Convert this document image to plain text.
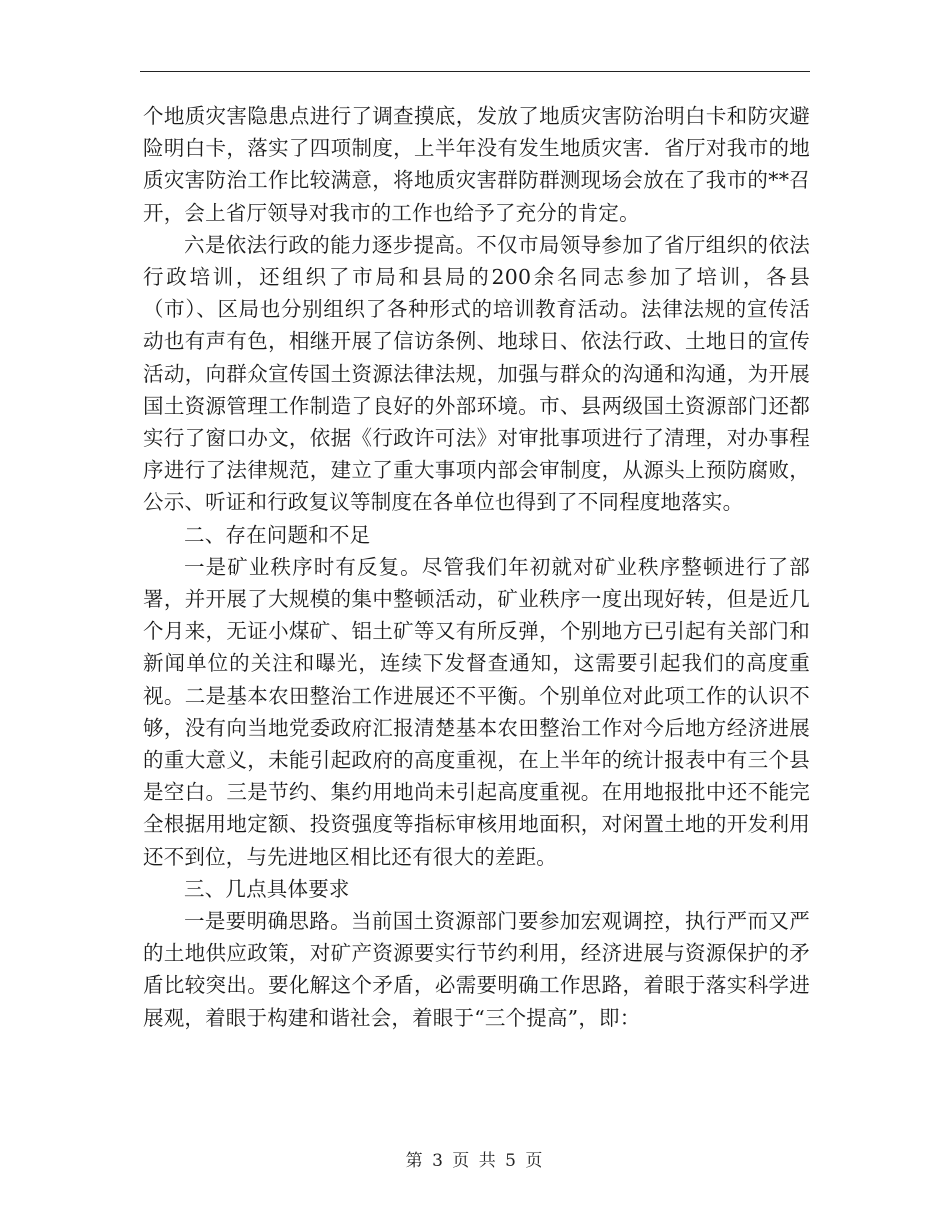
个地质灾害隐患点进行了调查摸底，发放了地质灾害防治明白卡和防灾避险明白卡，落实了四项制度，上半年没有发生地质灾害．省厅对我市的地质灾害防治工作比较满意，将地质灾害群防群测现场会放在了我市的**召开，会上省厅领导对我市的工作也给予了充分的肯定。

六是依法行政的能力逐步提高。不仅市局领导参加了省厅组织的依法行政培训，还组织了市局和县局的200余名同志参加了培训，各县（市）、区局也分别组织了各种形式的培训教育活动。法律法规的宣传活动也有声有色，相继开展了信访条例、地球日、依法行政、土地日的宣传活动，向群众宣传国土资源法律法规，加强与群众的沟通和沟通，为开展国土资源管理工作制造了良好的外部环境。市、县两级国土资源部门还都实行了窗口办文，依据《行政许可法》对审批事项进行了清理，对办事程序进行了法律规范，建立了重大事项内部会审制度，从源头上预防腐败，公示、听证和行政复议等制度在各单位也得到了不同程度地落实。

二、存在问题和不足

一是矿业秩序时有反复。尽管我们年初就对矿业秩序整顿进行了部署，并开展了大规模的集中整顿活动，矿业秩序一度出现好转，但是近几个月来，无证小煤矿、铝土矿等又有所反弹，个别地方已引起有关部门和新闻单位的关注和曝光，连续下发督查通知，这需要引起我们的高度重视。二是基本农田整治工作进展还不平衡。个别单位对此项工作的认识不够，没有向当地党委政府汇报清楚基本农田整治工作对今后地方经济进展的重大意义，未能引起政府的高度重视，在上半年的统计报表中有三个县是空白。三是节约、集约用地尚未引起高度重视。在用地报批中还不能完全根据用地定额、投资强度等指标审核用地面积，对闲置土地的开发利用还不到位，与先进地区相比还有很大的差距。

三、几点具体要求

一是要明确思路。当前国土资源部门要参加宏观调控，执行严而又严的土地供应政策，对矿产资源要实行节约利用，经济进展与资源保护的矛盾比较突出。要化解这个矛盾，必需要明确工作思路，着眼于落实科学进展观，着眼于构建和谐社会，着眼于“三个提高”，即：

第 3 页 共 5 页
